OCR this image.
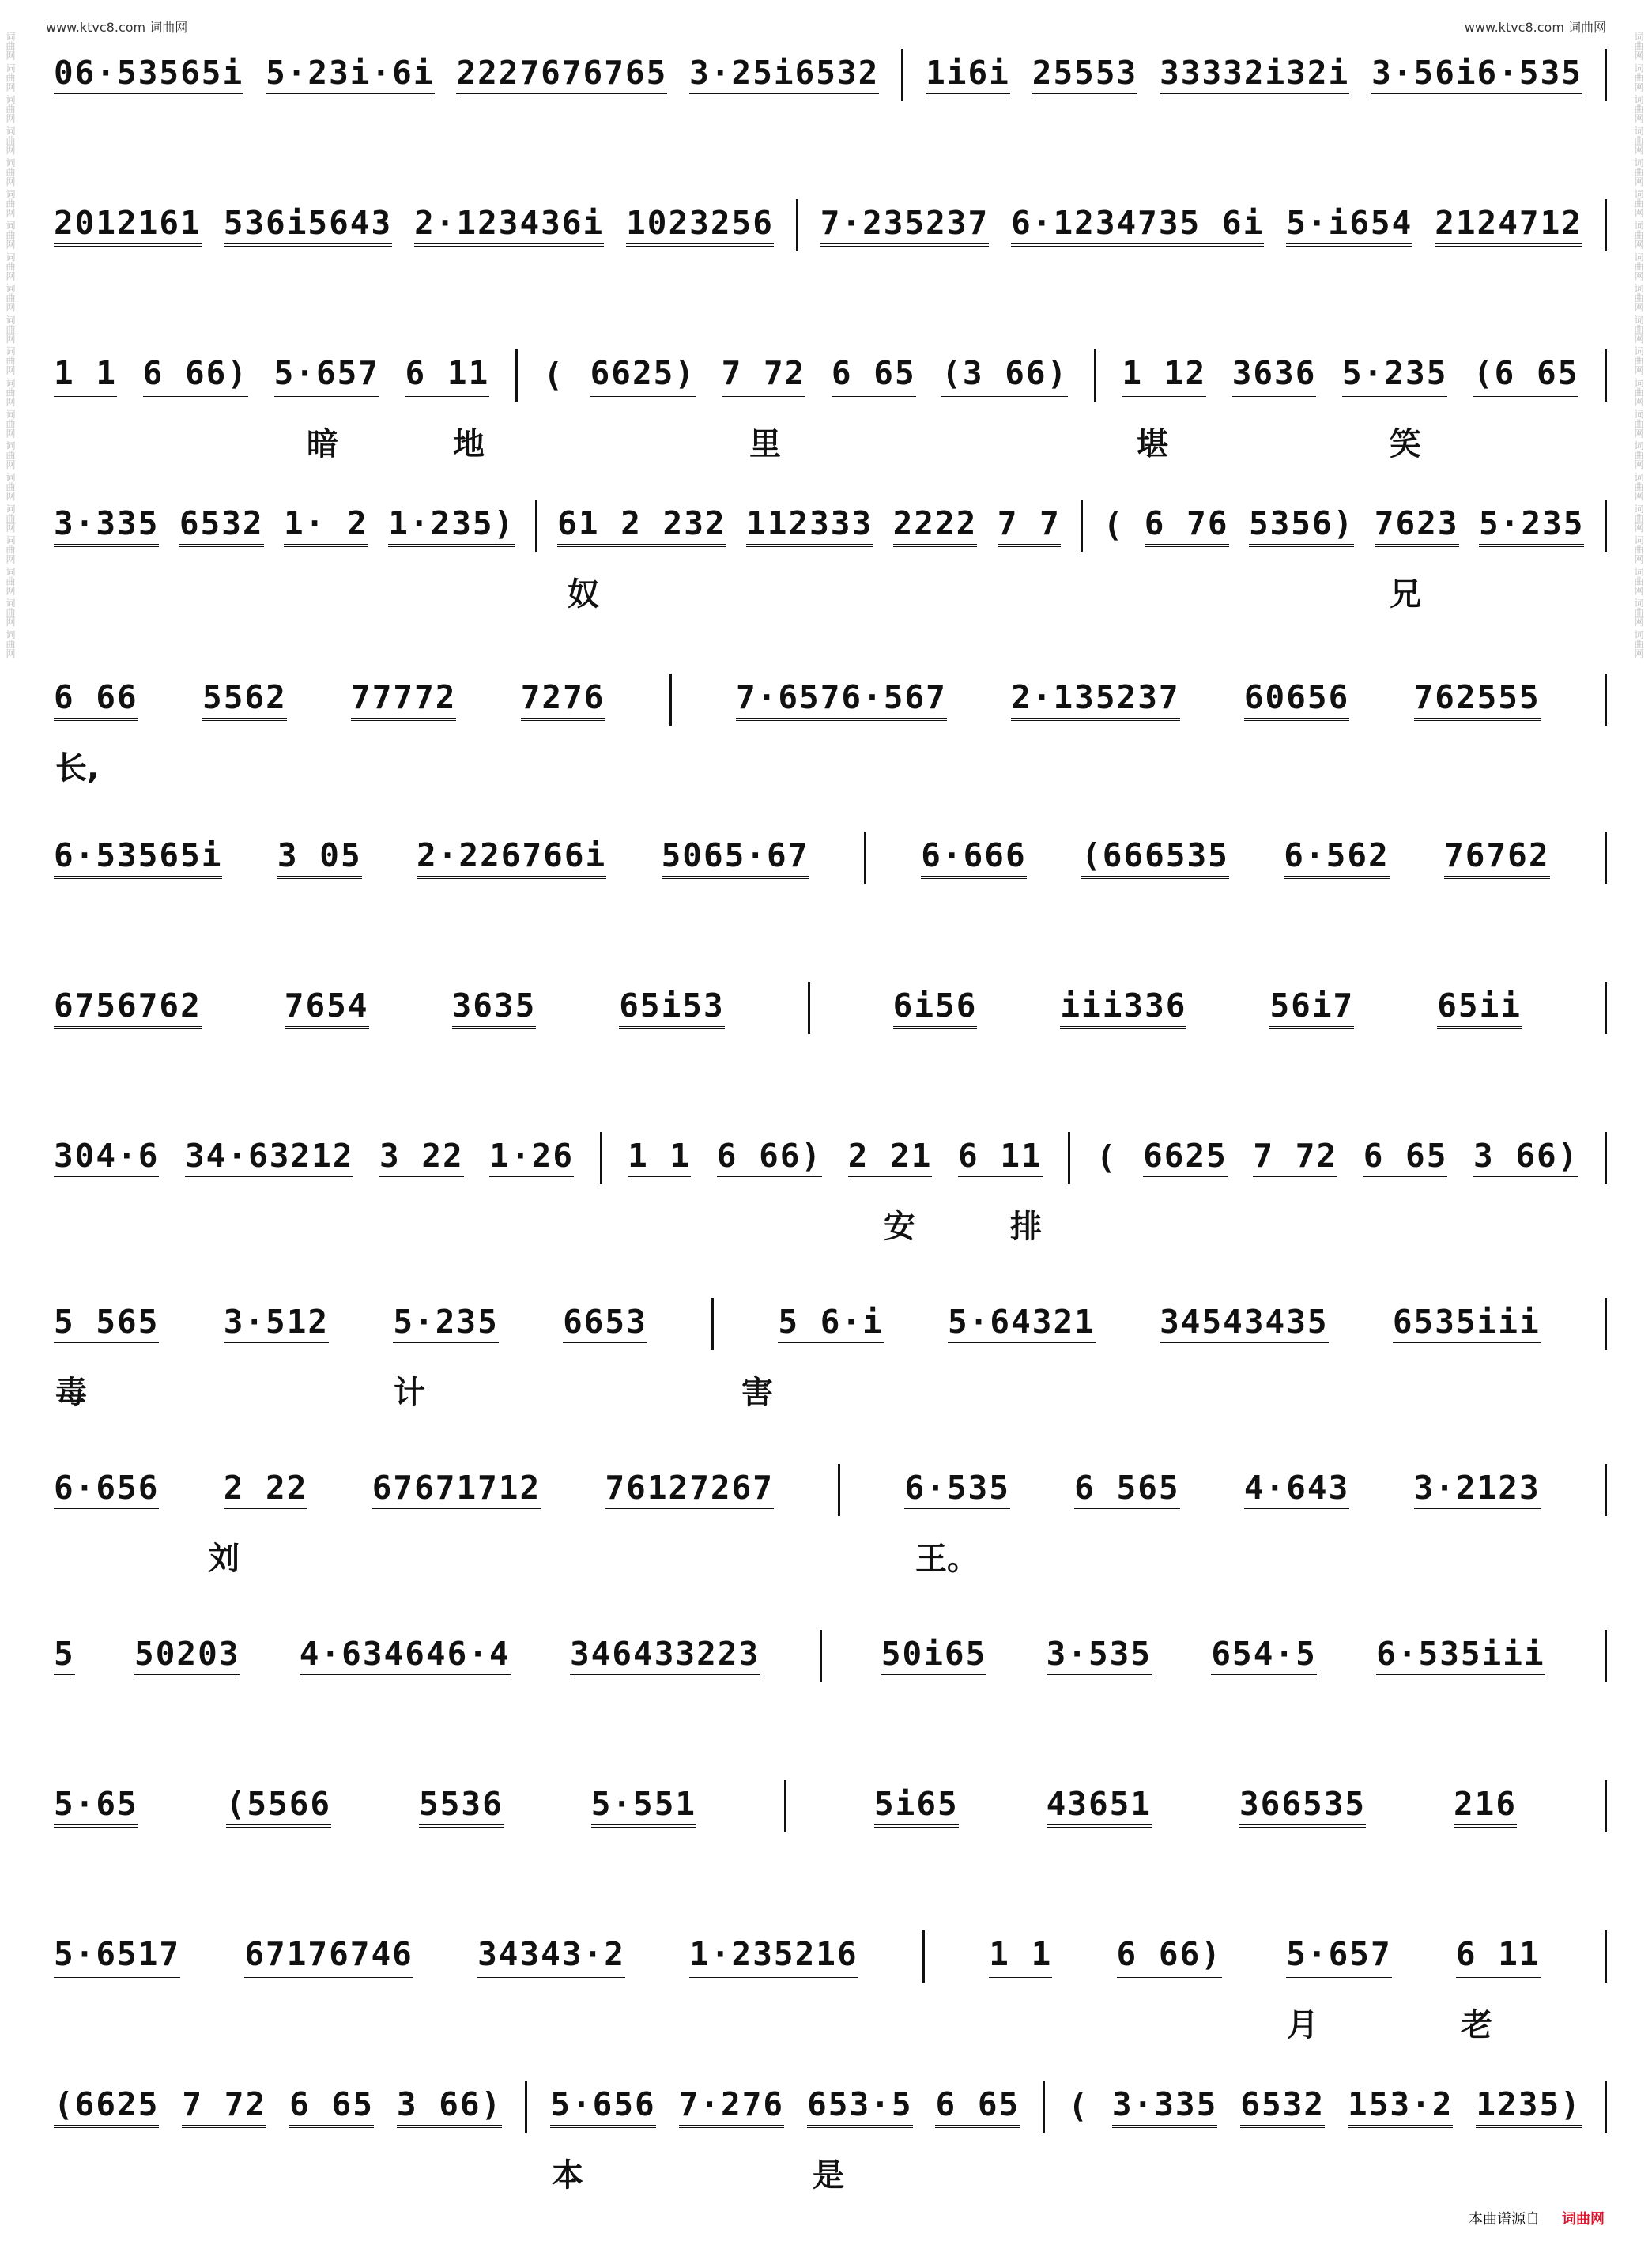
www.ktvc8.com 词曲网	www.ktvc8.com 词曲网
词曲网 词曲网 词曲网 词曲网 词曲网 词曲网 词曲网 词曲网 词曲网 词曲网 词曲网 词曲网 词曲网 词曲网 词曲网 词曲网 词曲网 词曲网 词曲网 词曲网	词曲网 词曲网 词曲网 词曲网 词曲网 词曲网 词曲网 词曲网 词曲网 词曲网 词曲网 词曲网 词曲网 词曲网 词曲网 词曲网 词曲网 词曲网 词曲网 词曲网
06·53565i 5·23i·6i 2227676765 3·25i6532 1i6i 25553 33332i32i 3·56i6·535
2012161 536i5643 2·123436i 1023256 7·235237 6·1234735 6i 5·i654 2124712
1 1 6 66) 5·657 6 11 ( 6625) 7 72 6 65 (3 66) 1 12 3636 5·235 (6 65
暗	地	里	堪	笑
3·335 6532 1· 2 1·235) 61 2 232 112333 2222 7 7 ( 6 76 5356) 7623 5·235
奴	兄
6 66 5562 77772 7276	7·6576·567 2·135237 60656 762555
长,
6·53565i 3 05 2·226766i 5065·67	6·666 (666535 6·562 76762
6756762	7654	3635	65i53	6i56	iii336	56i7	65ii
304·6 34·63212 3 22 1·26 1 1 6 66) 2 21 6 11 ( 6625 7 72 6 65 3 66)
安	排
5 565 3·512 5·235 6653	5 6·i 5·64321 34543435 6535iii
毒	计	害
6·656 2 22 67671712 76127267	6·535 6 565 4·643 3·2123
刘	王。
5 50203 4·634646·4 346433223	50i65 3·535 654·5 6·535iii
5·65	(5566	5536	5·551	5i65	43651	366535	216
5·6517 67176746 34343·2 1·235216	1 1 6 66) 5·657 6 11
月	老
(6625 7 72 6 65 3 66) 5·656 7·276 653·5 6 65 ( 3·335 6532 153·2 1235)
本	是
本曲谱源自 词曲网
